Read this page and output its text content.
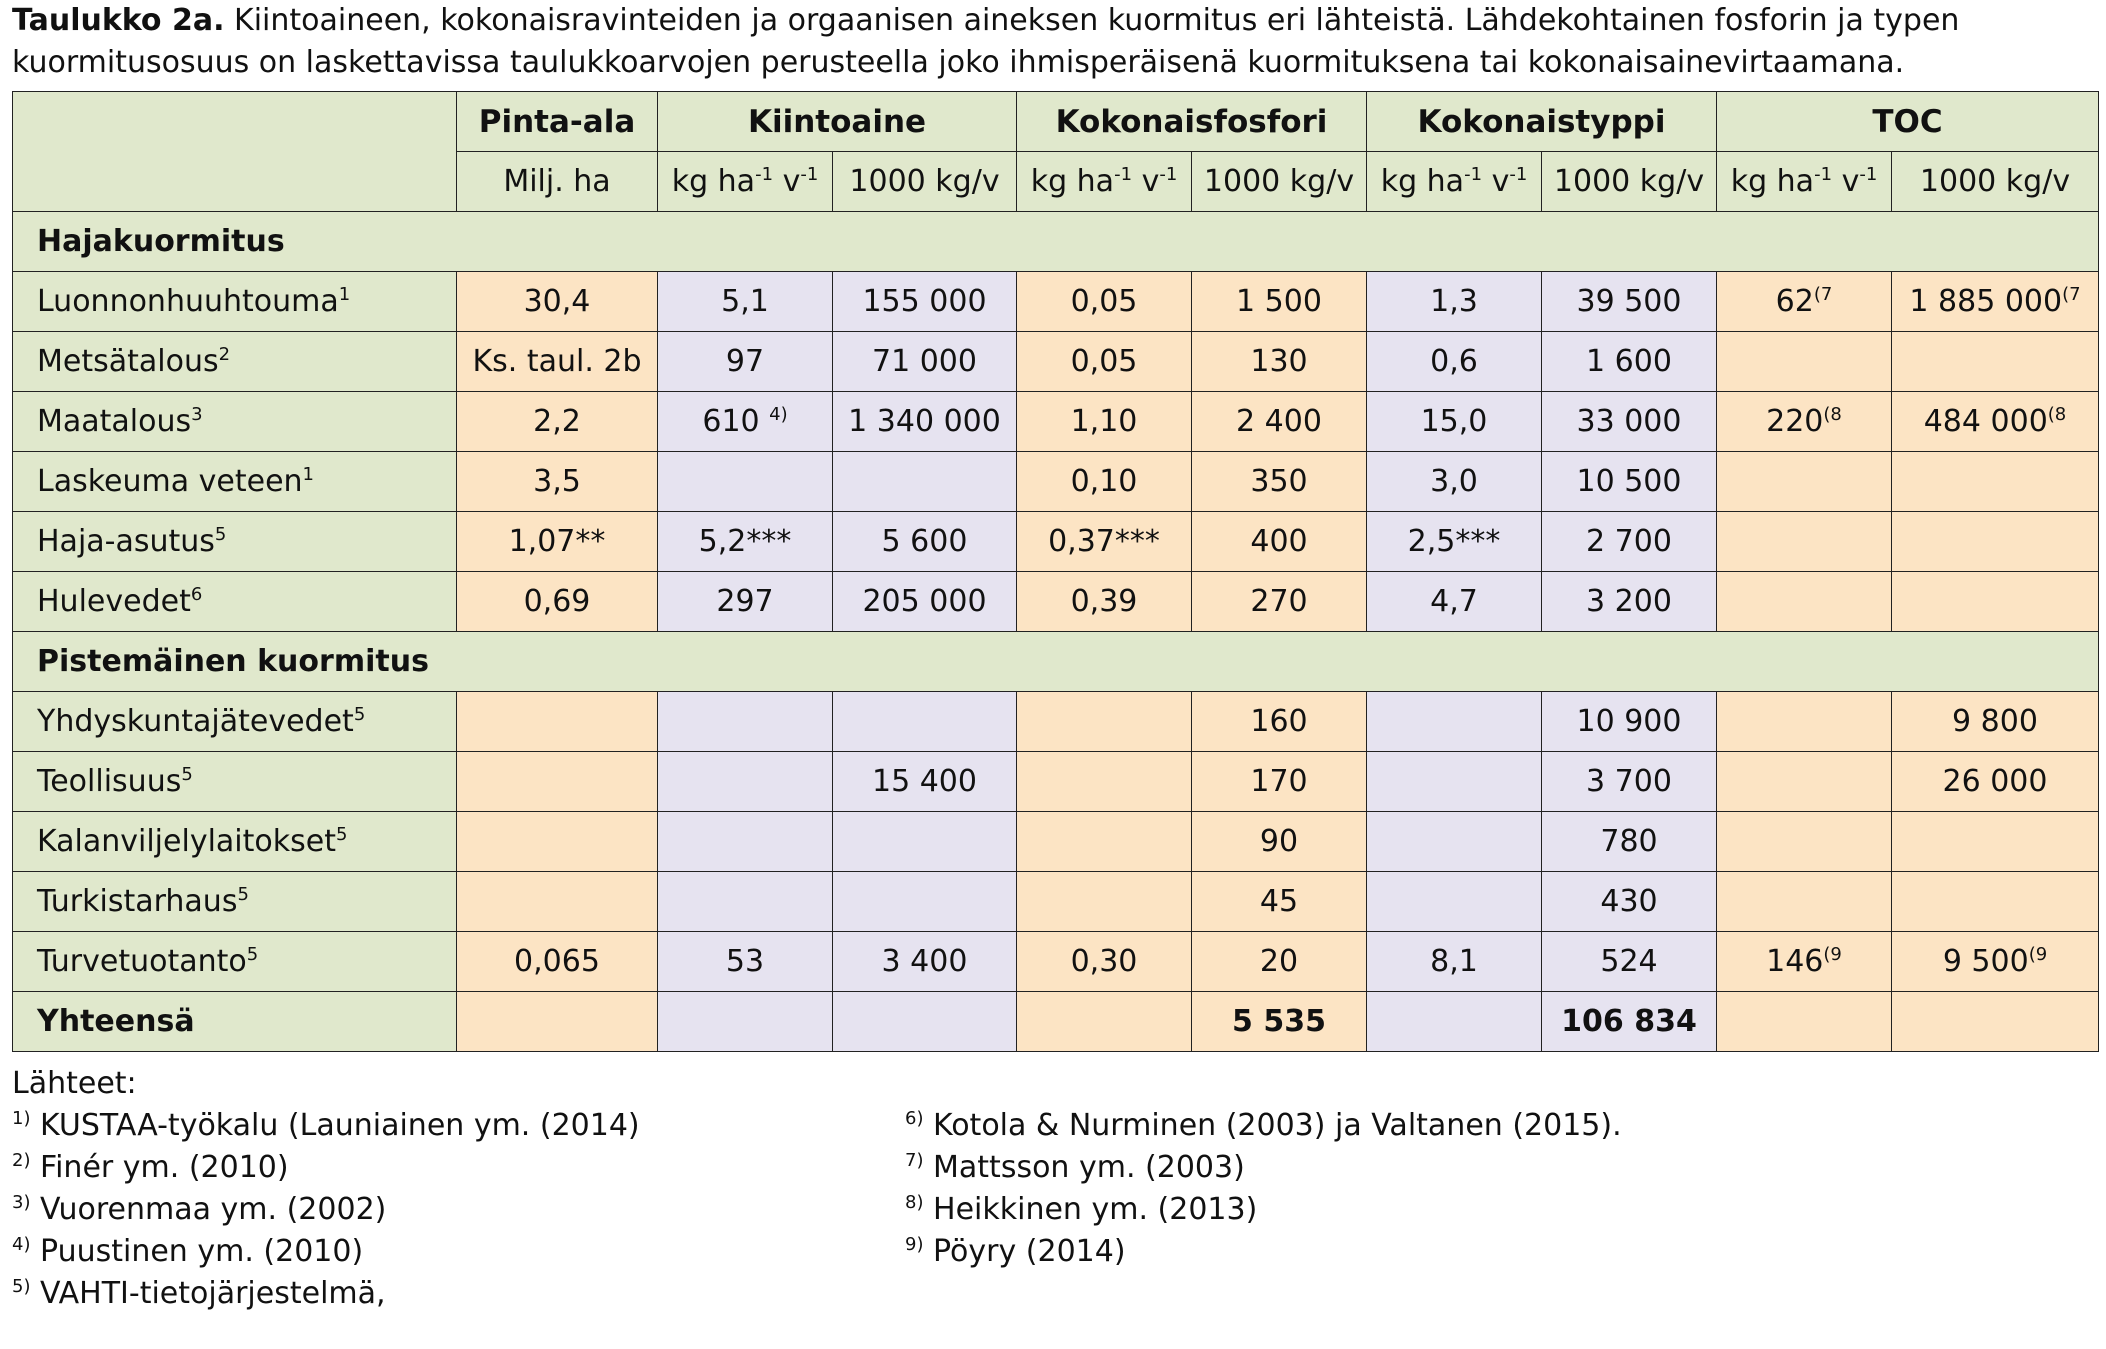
Taulukko 2a. Kiintoaineen, kokonaisravinteiden ja orgaanisen aineksen kuormitus eri lähteistä. Lähdekohtainen fosforin ja typen kuormitusosuus on laskettavissa taulukkoarvojen perusteella joko ihmisperäisenä kuormituksena tai kokonaisainevirtaamana.
	Pinta-ala	Kiintoaine		Kokonaisfosfori		Kokonaistyppi		TOC	
	Milj. ha	kg $ha^{-1}$ $v^{-1}$	1000 kg/v	kg $ha^{-1}$ $v^{-1}$	1000 kg/v	kg $ha^{-1}$ $v^{-1}$	1000 kg/v	kg $ha^{-1}$ $v^{-1}$	1000 kg/v
Hajakuormitus									
Luonnonhuuhtouma$^1$	30,4	5,1	155 000	0,05	1 500	1,3	39 500	62$^{(7}$	1 885 000$^{(7}$
Metsätalous$^2$	Ks. taul. 2b	97	71 000	0,05	130	0,6	1 600		
Maatalous$^3$	2,2	610 $^{4)}$	1 340 000	1,10	2 400	15,0	33 000	220$^{(8}$	484 000$^{(8}$
Laskeuma veteen$^1$	3,5			0,10	350	3,0	10 500		
Haja-asutus$^5$	1,07**	5,2***	5 600	0,37***	400	2,5***	2 700		
Hulevedet$^6$	0,69	297	205 000	0,39	270	4,7	3 200		
Pistemäinen kuormitus									
Yhdyskuntajätevedet$^5$					160		10 900		9 800
Teollisuus$^5$			15 400		170		3 700		26 000
Kalanviljelylaitokset$^5$					90		780		
Turkistarhaus$^5$					45		430		
Turvetuotanto$^5$	0,065	53	3 400	0,30	20	8,1	524	146$^{(9}$	9 500$^{(9}$
Yhteensä					5 535		106 834		
Lähteet:
$^{1)}$ KUSTAA-työkalu (Launiainen ym. (2014)
$^{2)}$ Finér ym. (2010)
$^{3)}$ Vuorenmaa ym. (2002)
$^{4)}$ Puustinen ym. (2010)
$^{5)}$ VAHTI-tietojärjestelmä,
$^{6)}$ Kotola & Nurminen (2003) ja Valtanen (2015).
$^{7)}$ Mattsson ym. (2003)
$^{8)}$ Heikkinen ym. (2013)
$^{9)}$ Pöyry (2014)
